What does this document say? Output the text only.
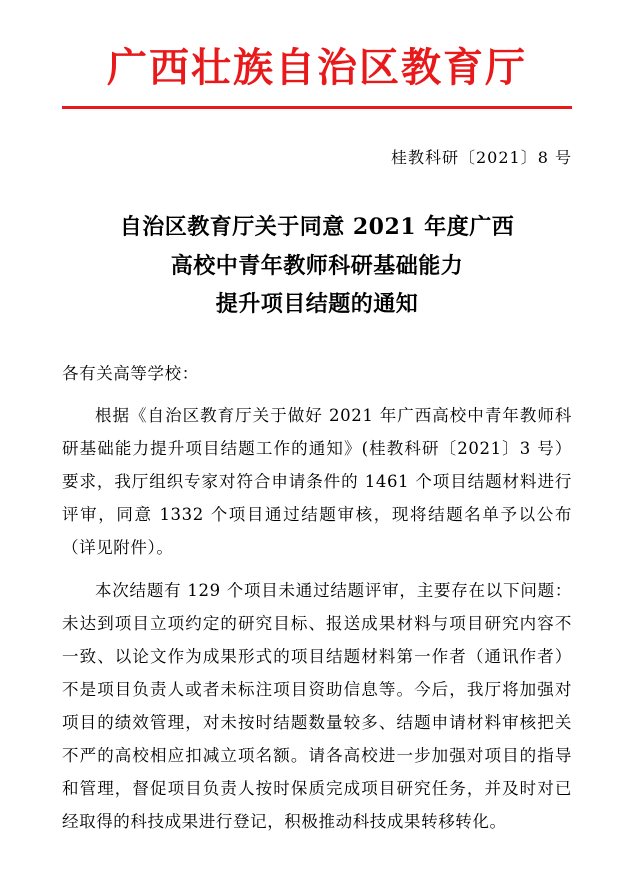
广西壮族自治区教育厅
桂教科研〔2021〕8 号
自治区教育厅关于同意 2021 年度广西
高校中青年教师科研基础能力
提升项目结题的通知
各有关高等学校：
根据《自治区教育厅关于做好 2021 年广西高校中青年教师科研基础能力提升项目结题工作的通知》(桂教科研〔2021〕3 号）要求，我厅组织专家对符合申请条件的 1461 个项目结题材料进行评审，同意 1332 个项目通过结题审核，现将结题名单予以公布（详见附件）。
本次结题有 129 个项目未通过结题评审，主要存在以下问题：未达到项目立项约定的研究目标、报送成果材料与项目研究内容不一致、以论文作为成果形式的项目结题材料第一作者（通讯作者）不是项目负责人或者未标注项目资助信息等。今后，我厅将加强对项目的绩效管理，对未按时结题数量较多、结题申请材料审核把关不严的高校相应扣减立项名额。请各高校进一步加强对项目的指导和管理，督促项目负责人按时保质完成项目研究任务，并及时对已经取得的科技成果进行登记，积极推动科技成果转移转化。
